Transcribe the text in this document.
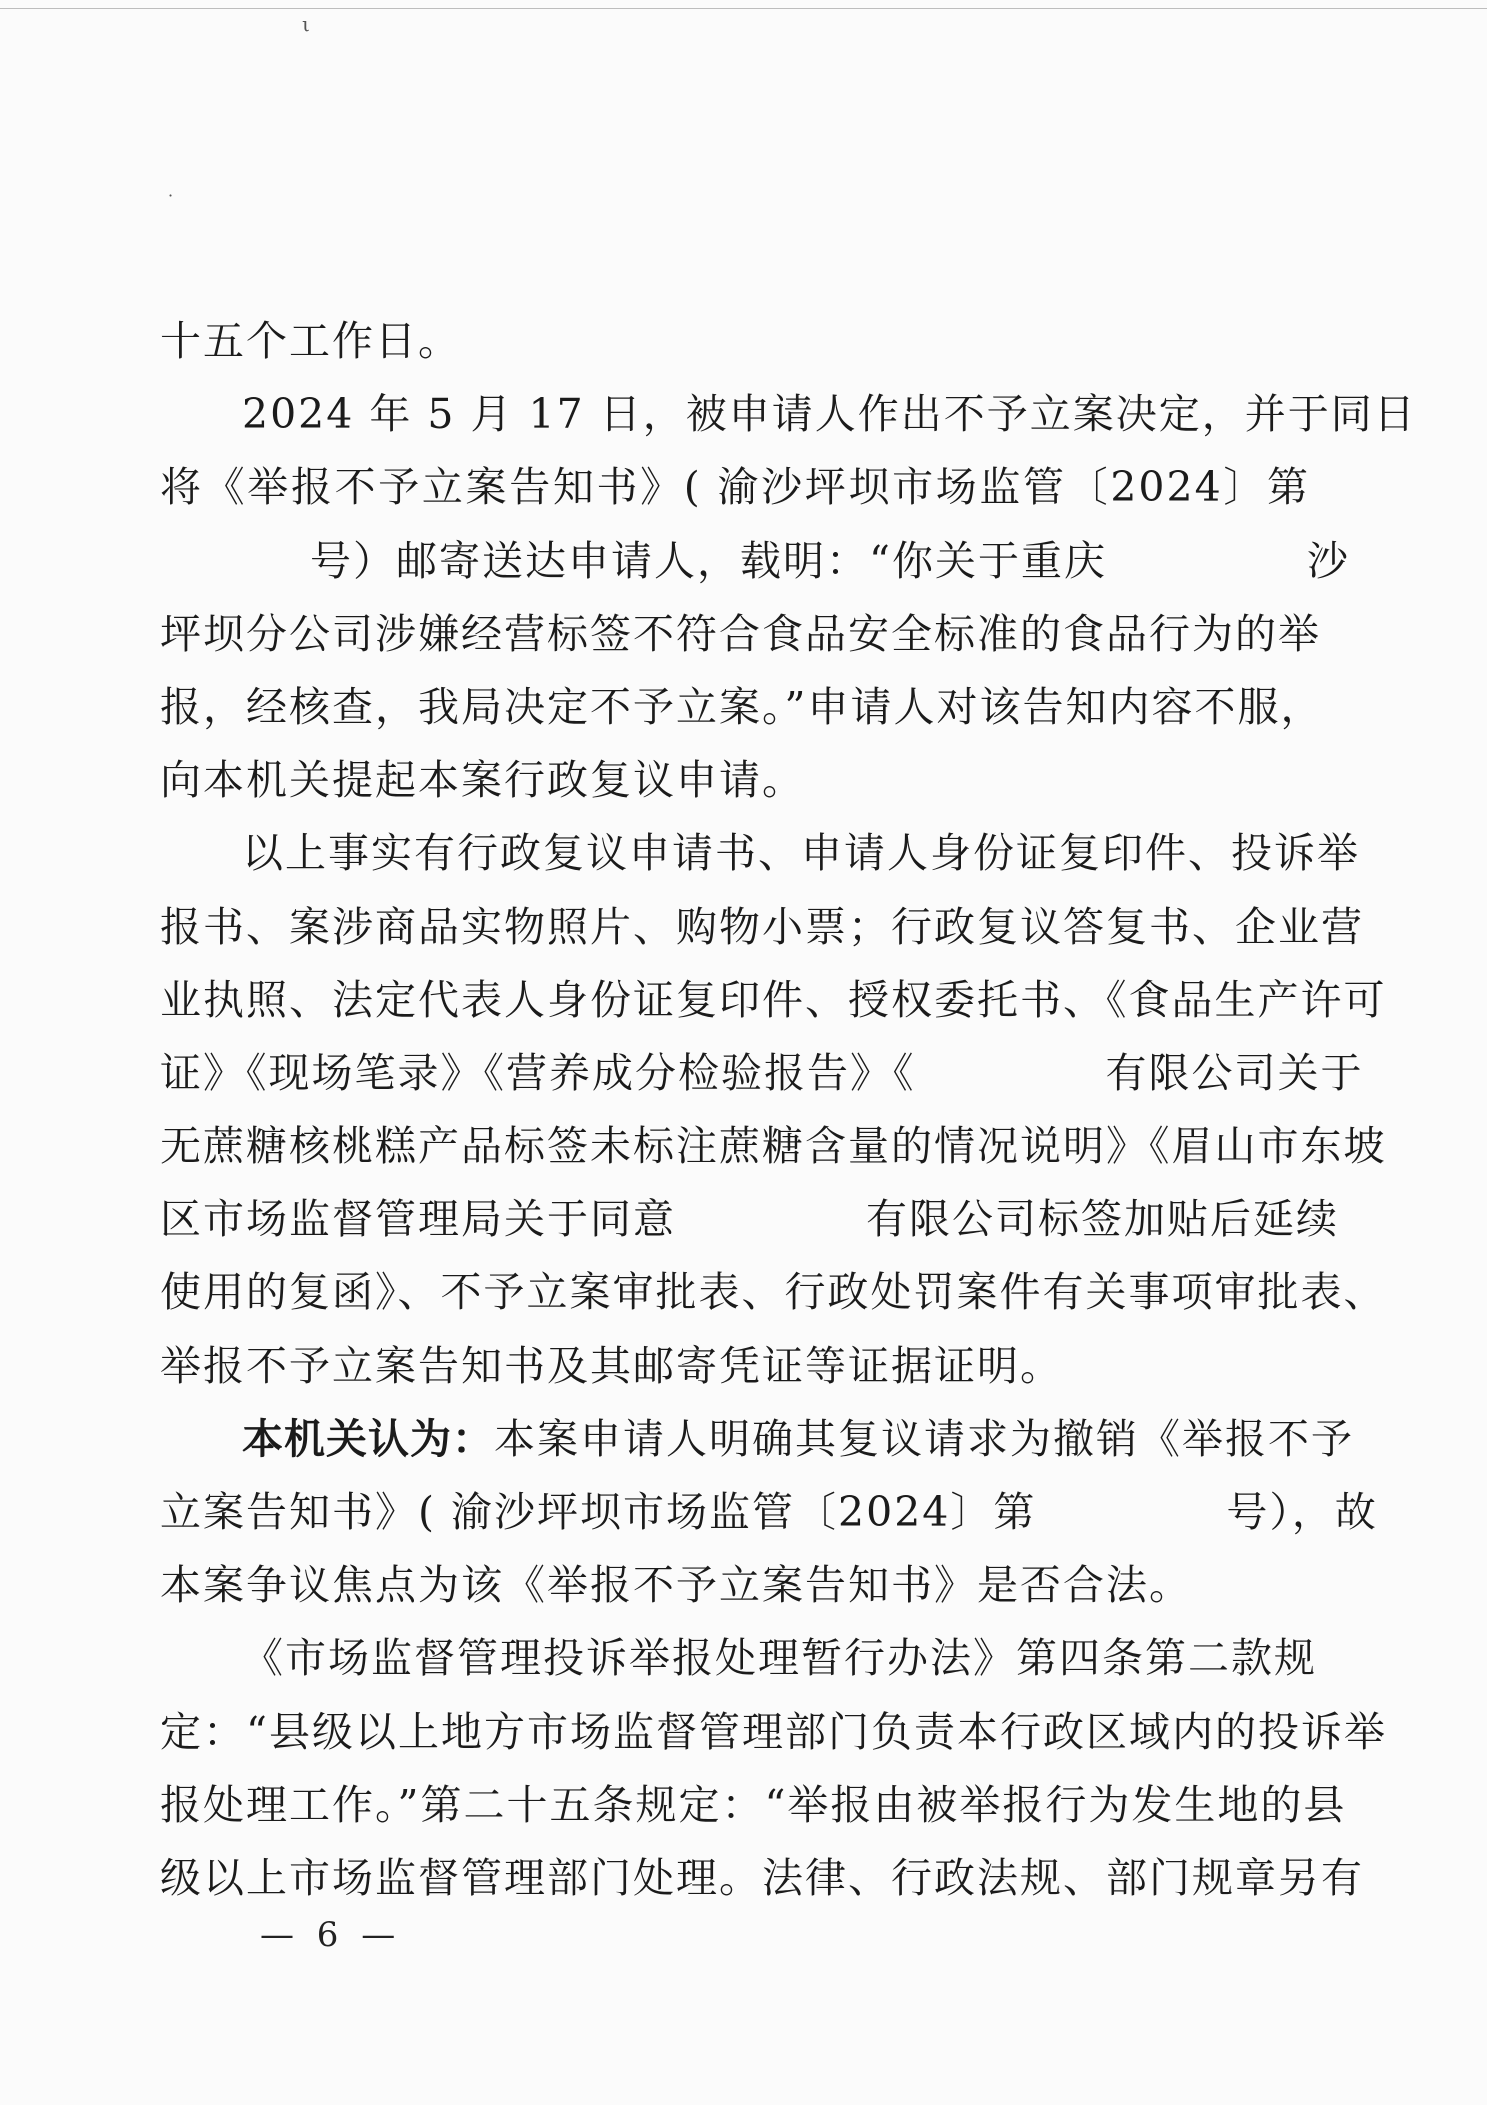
ι
·
十五个工作日。
2024 年 5 月 17 日，被申请人作出不予立案决定，并于同日
将《举报不予立案告知书》( 渝沙坪坝市场监管〔2024〕第
号）邮寄送达申请人，载明：“你关于重庆	沙
坪坝分公司涉嫌经营标签不符合食品安全标准的食品行为的举
报，经核查，我局决定不予立案。”申请人对该告知内容不服，
向本机关提起本案行政复议申请。
以上事实有行政复议申请书、申请人身份证复印件、投诉举
报书、案涉商品实物照片、购物小票；行政复议答复书、企业营
业执照、法定代表人身份证复印件、授权委托书、《食品生产许可
证》《现场笔录》《营养成分检验报告》《	有限公司关于
无蔗糖核桃糕产品标签未标注蔗糖含量的情况说明》《眉山市东坡
区市场监督管理局关于同意	有限公司标签加贴后延续
使用的复函》、不予立案审批表、行政处罚案件有关事项审批表、
举报不予立案告知书及其邮寄凭证等证据证明。
本机关认为：本案申请人明确其复议请求为撤销《举报不予
立案告知书》( 渝沙坪坝市场监管〔2024〕第	号），故
本案争议焦点为该《举报不予立案告知书》是否合法。
《市场监督管理投诉举报处理暂行办法》第四条第二款规
定：“县级以上地方市场监督管理部门负责本行政区域内的投诉举
报处理工作。”第二十五条规定：“举报由被举报行为发生地的县
级以上市场监督管理部门处理。法律、行政法规、部门规章另有
— 6 —
